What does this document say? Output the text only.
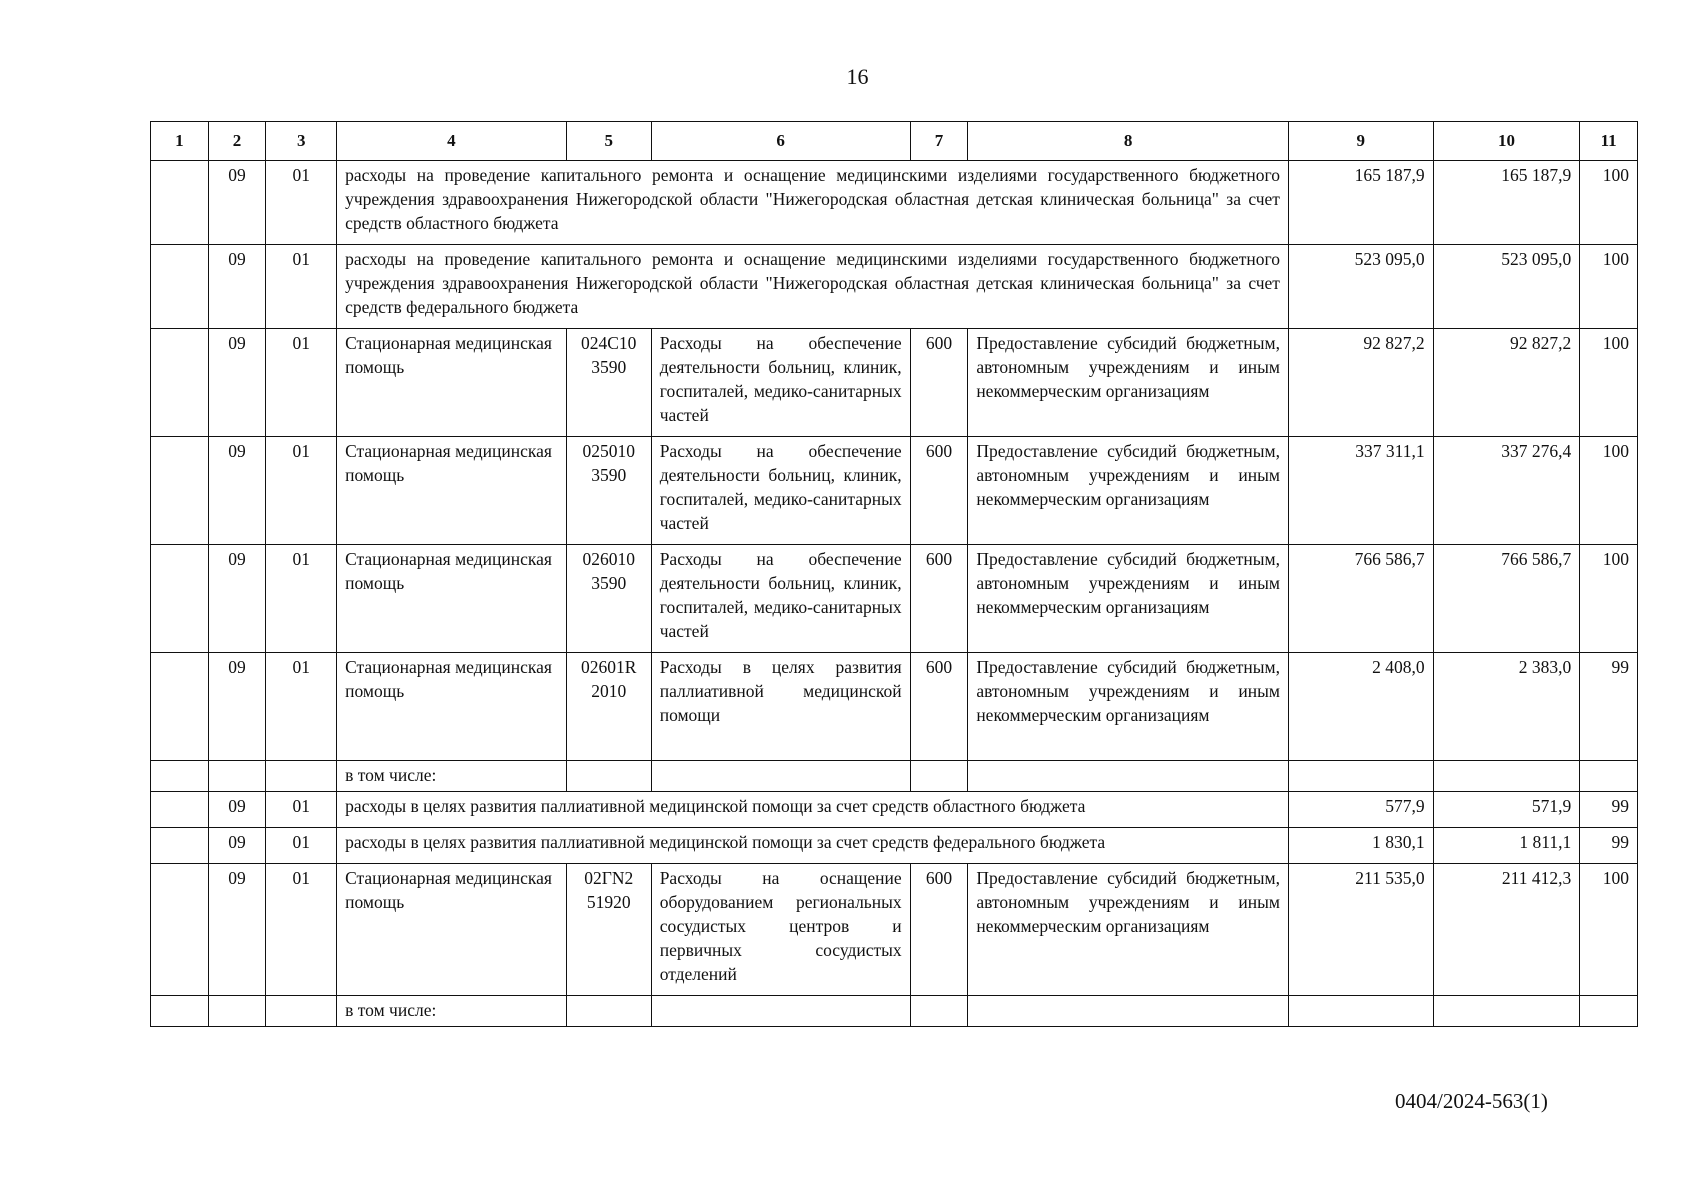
16
1	2	3	4	5	6	7	8	9	10	11
	09	01	расходы на проведение капитального ремонта и оснащение медицинскими изделиями государственного бюджетного учреждения здравоохранения Нижегородской области "Нижегородская областная детская клиническая больница" за счет средств областного бюджета					165 187,9	165 187,9	100
	09	01	расходы на проведение капитального ремонта и оснащение медицинскими изделиями государственного бюджетного учреждения здравоохранения Нижегородской области "Нижегородская областная детская клиническая больница" за счет средств федерального бюджета					523 095,0	523 095,0	100
	09	01	Стационарная медицинская помощь	024С10 3590	Расходы на обеспечение деятельности больниц, клиник, госпиталей, медико-санитарных частей	600	Предоставление субсидий бюджетным, автономным учреждениям и иным некоммерческим организациям	92 827,2	92 827,2	100
	09	01	Стационарная медицинская помощь	025010 3590	Расходы на обеспечение деятельности больниц, клиник, госпиталей, медико-санитарных частей	600	Предоставление субсидий бюджетным, автономным учреждениям и иным некоммерческим организациям	337 311,1	337 276,4	100
	09	01	Стационарная медицинская помощь	026010 3590	Расходы на обеспечение деятельности больниц, клиник, госпиталей, медико-санитарных частей	600	Предоставление субсидий бюджетным, автономным учреждениям и иным некоммерческим организациям	766 586,7	766 586,7	100
	09	01	Стационарная медицинская помощь	02601R 2010	Расходы в целях развития паллиативной медицинской помощи	600	Предоставление субсидий бюджетным, автономным учреждениям и иным некоммерческим организациям	2 408,0	2 383,0	99
			в том числе:							
	09	01	расходы в целях развития паллиативной медицинской помощи за счет средств областного бюджета					577,9	571,9	99
	09	01	расходы в целях развития паллиативной медицинской помощи за счет средств федерального бюджета					1 830,1	1 811,1	99
	09	01	Стационарная медицинская помощь	02ГN2 51920	Расходы на оснащение оборудованием региональных сосудистых центров и первичных сосудистых отделений	600	Предоставление субсидий бюджетным, автономным учреждениям и иным некоммерческим организациям	211 535,0	211 412,3	100
			в том числе:							
0404/2024-563(1)
